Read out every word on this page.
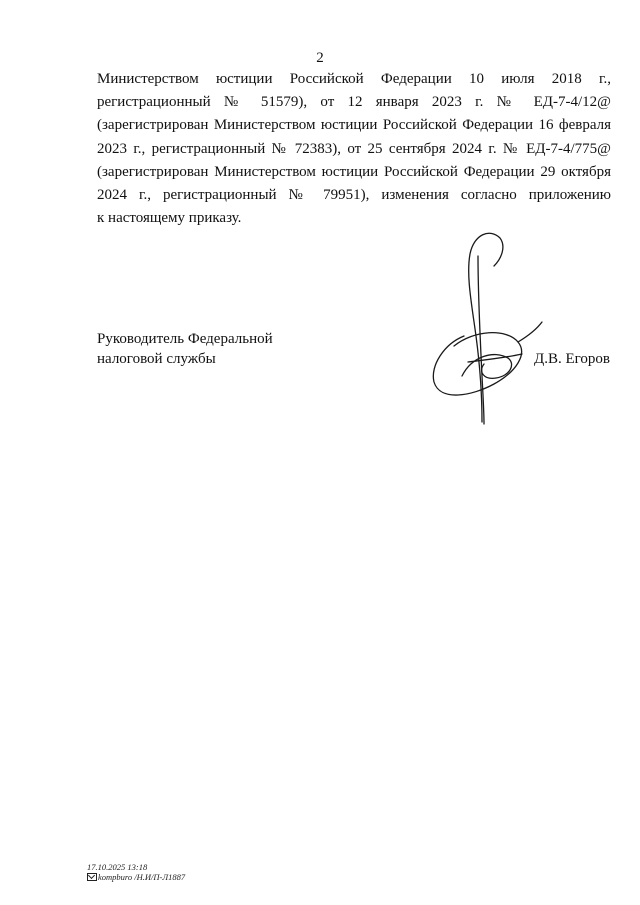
2
Министерством юстиции Российской Федерации 10 июля 2018 г.,
регистрационный № 51579), от 12 января 2023 г. № ЕД-7-4/12@
(зарегистрирован Министерством юстиции Российской Федерации 16 февраля
2023 г., регистрационный № 72383), от 25 сентября 2024 г. № ЕД-7-4/775@
(зарегистрирован Министерством юстиции Российской Федерации 29 октября
2024 г., регистрационный № 79951), изменения согласно приложению
к настоящему приказу.
Руководитель Федеральной
налоговой службы	Д.В. Егоров
17.10.2025 13:18
kompburo /Н.И/П-Л1887
